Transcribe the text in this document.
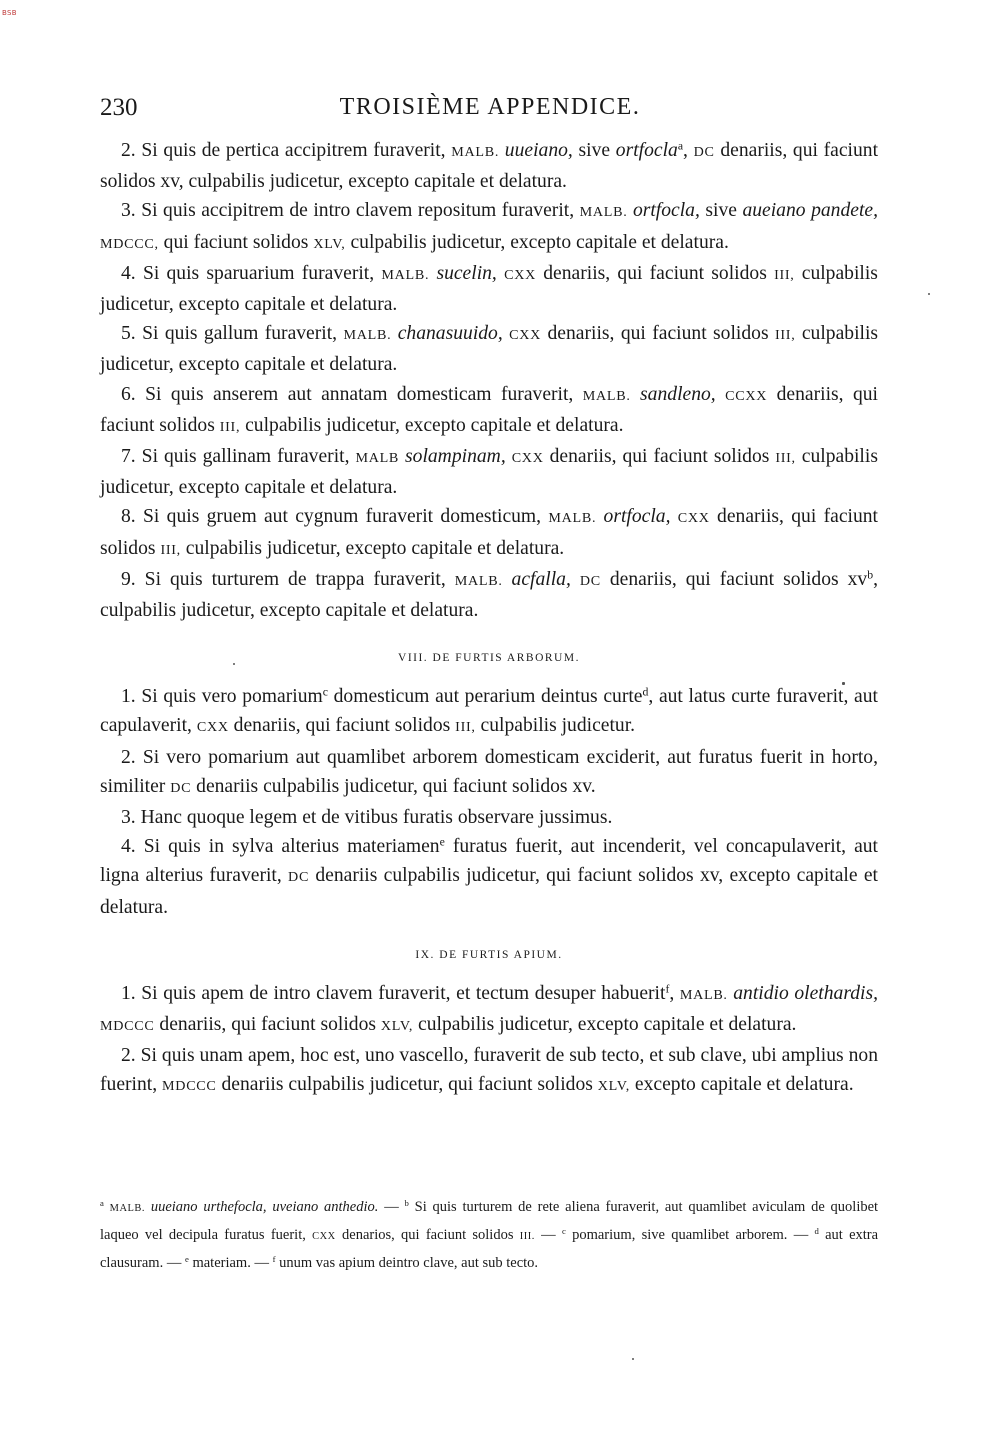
BSB
230	TROISIÈME APPENDICE.

2. Si quis de pertica accipitrem furaverit, MALB. uueiano, sive ortfocla$^a$, DC denariis, qui faciunt solidos xv, culpabilis judicetur, excepto capitale et delatura.

3. Si quis accipitrem de intro clavem repositum furaverit, MALB. ortfocla, sive aueiano pandete, MDCCC, qui faciunt solidos XLV, culpabilis judicetur, excepto capitale et delatura.

4. Si quis sparuarium furaverit, MALB. sucelin, CXX denariis, qui faciunt solidos III, culpabilis judicetur, excepto capitale et delatura.

5. Si quis gallum furaverit, MALB. chanasuuido, CXX denariis, qui faciunt solidos III, culpabilis judicetur, excepto capitale et delatura.

6. Si quis anserem aut annatam domesticam furaverit, MALB. sandleno, CCXX denariis, qui faciunt solidos III, culpabilis judicetur, excepto capitale et delatura.

7. Si quis gallinam furaverit, MALB solampinam, CXX denariis, qui faciunt solidos III, culpabilis judicetur, excepto capitale et delatura.

8. Si quis gruem aut cygnum furaverit domesticum, MALB. ortfocla, CXX denariis, qui faciunt solidos III, culpabilis judicetur, excepto capitale et delatura.

9. Si quis turturem de trappa furaverit, MALB. acfalla, DC denariis, qui faciunt solidos $xv^b$, culpabilis judicetur, excepto capitale et delatura.

VIII. DE FURTIS ARBORUM.

1. Si quis vero pomarium$^c$ domesticum aut perarium deintus curte$^d$, aut latus curte furaverit, aut capulaverit, CXX denariis, qui faciunt solidos III, culpabilis judicetur.

2. Si vero pomarium aut quamlibet arborem domesticam exciderit, aut furatus fuerit in horto, similiter DC denariis culpabilis judicetur, qui faciunt solidos xv.

3. Hanc quoque legem et de vitibus furatis observare jussimus.

4. Si quis in sylva alterius materiamen$^e$ furatus fuerit, aut incenderit, vel concapulaverit, aut ligna alterius furaverit, DC denariis culpabilis judicetur, qui faciunt solidos xv, excepto capitale et delatura.

IX. DE FURTIS APIUM.

1. Si quis apem de intro clavem furaverit, et tectum desuper habuerit$^f$, MALB. antidio olethardis, MDCCC denariis, qui faciunt solidos XLV, culpabilis judicetur, excepto capitale et delatura.

2. Si quis unam apem, hoc est, uno vascello, furaverit de sub tecto, et sub clave, ubi amplius non fuerint, MDCCC denariis culpabilis judicetur, qui faciunt solidos XLV, excepto capitale et delatura.

$^a$ MALB. uueiano urthefocla, uveiano anthedio. — $^b$ Si quis turturem de rete aliena furaverit, aut quamlibet aviculam de quolibet laqueo vel decipula furatus fuerit, CXX denarios, qui faciunt solidos III. — $^c$ pomarium, sive quamlibet arborem. — $^d$ aut extra clausuram. — $^e$ materiam. — $^f$ unum vas apium deintro clave, aut sub tecto.
